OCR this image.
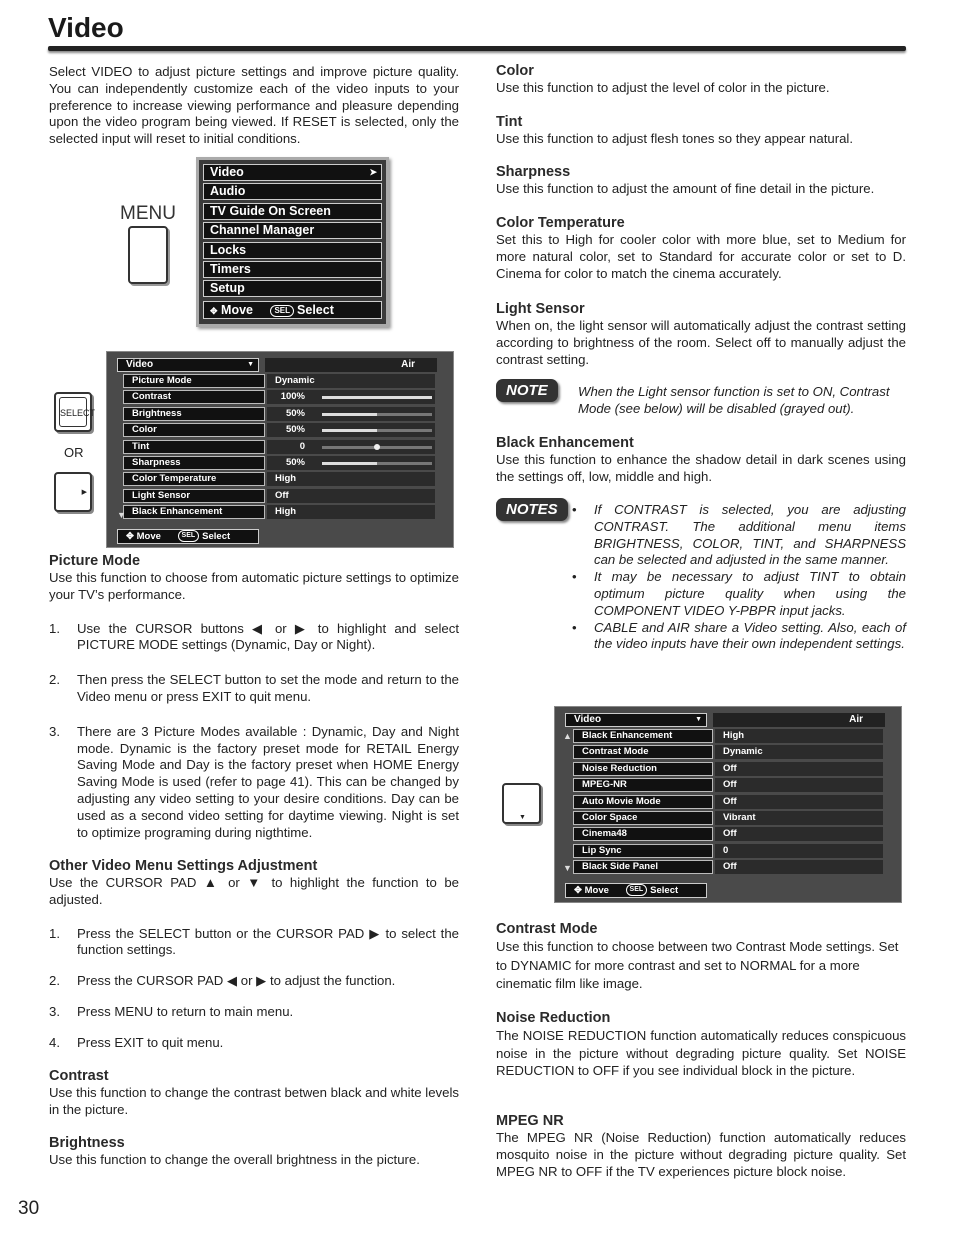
Video
Select VIDEO to adjust picture settings and improve picture quality. You can independently customize each of the video inputs to your preference to increase viewing performance and pleasure depending upon the video program being viewed. If RESET is selected, only the selected input will reset to initial conditions.
MENU
Video	➤
Audio
TV Guide On Screen
Channel Manager
Locks
Timers
Setup
✥ Move	SEL Select
SELECT
OR
▶
Video	▼	Air
Picture Mode	Dynamic
Contrast	100%
Brightness	50%
Color	50%
Tint	0
Sharpness	50%
Color Temperature	High
Light Sensor	Off
Black Enhancement	High
▼
✥ Move	SEL Select
Picture Mode

Use this function to choose from automatic picture settings to optimize your TV’s performance.

1. Use the CURSOR buttons ◀ or ▶ to highlight and select PICTURE MODE settings (Dynamic, Day or Night).
2. Then press the SELECT button to set the mode and return to the Video menu or press EXIT to quit menu.
3. There are 3 Picture Modes available : Dynamic, Day and Night mode. Dynamic is the factory preset mode for RETAIL Energy Saving Mode and Day is the factory preset when HOME Energy Saving Mode is used (refer to page 41). This can be changed by adjusting any video setting to your desire conditions. Day can be used as a second video setting for daytime viewing. Night is set to optimize programing during nigthtime.
Other Video Menu Settings Adjustment

Use the CURSOR PAD ▲ or ▼ to highlight the function to be adjusted.

1. Press the SELECT button or the CURSOR PAD ▶ to select the function settings.
2. Press the CURSOR PAD ◀ or ▶ to adjust the function.
3. Press MENU to return to main menu.
4. Press EXIT to quit menu.
Contrast

Use this function to change the contrast betwen black and white levels in the picture.

Brightness

Use this function to change the overall brightness in the picture.

30
Color

Use this function to adjust the level of color in the picture.

Tint

Use this function to adjust flesh tones so they appear natural.

Sharpness

Use this function to adjust the amount of fine detail in the picture.

Color Temperature

Set this to High for cooler color with more blue, set to Medium for more natural color, set to Standard for accurate color or set to D. Cinema for color to match the cinema accurately.

Light Sensor

When on, the light sensor will automatically adjust the contrast setting according to brightness of the room. Select off to manually adjust the contrast setting.

NOTE	When the Light sensor function is set to ON, Contrast Mode (see below) will be disabled (grayed out).
Black Enhancement

Use this function to enhance the shadow detail in dark scenes using the settings off, low, middle and high.

NOTES	• If CONTRAST is selected, you are adjusting CONTRAST. The additional menu items BRIGHTNESS, COLOR, TINT, and SHARPNESS can be selected and adjusted in the same manner.
• It may be necessary to adjust TINT to obtain optimum picture quality when using the COMPONENT VIDEO Y-PBPR input jacks.
• CABLE and AIR share a Video setting. Also, each of the video inputs have their own independent settings.
Video	▼	Air
Black Enhancement	High
Contrast Mode	Dynamic
Noise Reduction	Off
MPEG-NR	Off
Auto Movie Mode	Off
Color Space	Vibrant
Cinema48	Off
Lip Sync	0
Black Side Panel	Off
▲
▼
✥ Move	SEL Select
▼
Contrast Mode

Use this function to choose between two Contrast Mode settings. Set to DYNAMIC for more contrast and set to NORMAL for a more cinematic film like image.

Noise Reduction

The NOISE REDUCTION function automatically reduces conspicuous noise in the picture without degrading picture quality. Set NOISE REDUCTION to OFF if you see individual block in the picture.

MPEG NR

The MPEG NR (Noise Reduction) function automatically reduces mosquito noise in the picture without degrading picture quality. Set MPEG NR to OFF if the TV experiences picture block noise.
